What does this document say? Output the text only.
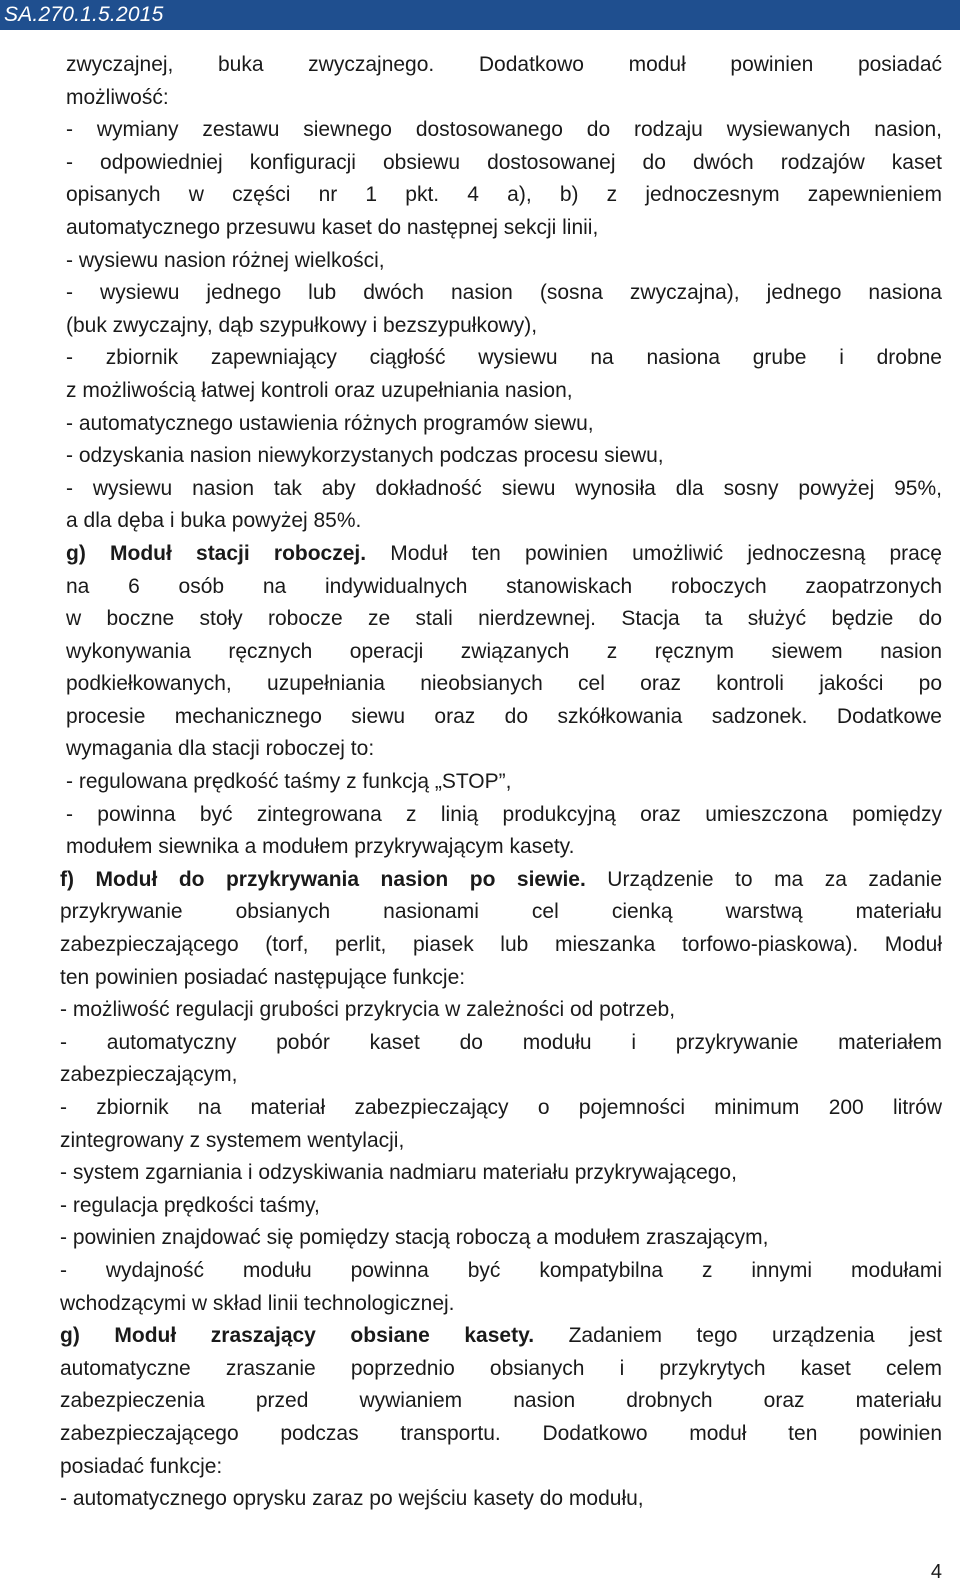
SA.270.1.5.2015
zwyczajnej, buka zwyczajnego. Dodatkowo moduł powinien posiadać
możliwość:
- wymiany zestawu siewnego dostosowanego do rodzaju wysiewanych nasion,
- odpowiedniej konfiguracji obsiewu dostosowanej do dwóch rodzajów kaset
opisanych w części nr 1 pkt. 4 a), b) z jednoczesnym zapewnieniem
automatycznego przesuwu kaset do następnej sekcji linii,
- wysiewu nasion różnej wielkości,
- wysiewu jednego lub dwóch nasion (sosna zwyczajna), jednego nasiona
(buk zwyczajny, dąb szypułkowy i bezszypułkowy),
- zbiornik zapewniający ciągłość wysiewu na nasiona grube i drobne
z możliwością łatwej kontroli oraz uzupełniania nasion,
- automatycznego ustawienia różnych programów siewu,
- odzyskania nasion niewykorzystanych podczas procesu siewu,
- wysiewu nasion tak aby dokładność siewu wynosiła dla sosny powyżej 95%,
a dla dęba i buka powyżej 85%.
g) Moduł stacji roboczej. Moduł ten powinien umożliwić jednoczesną pracę
na 6 osób na indywidualnych stanowiskach roboczych zaopatrzonych
w boczne stoły robocze ze stali nierdzewnej. Stacja ta służyć będzie do
wykonywania ręcznych operacji związanych z ręcznym siewem nasion
podkiełkowanych, uzupełniania nieobsianych cel oraz kontroli jakości po
procesie mechanicznego siewu oraz do szkółkowania sadzonek. Dodatkowe
wymagania dla stacji roboczej to:
- regulowana prędkość taśmy z funkcją „STOP”,
- powinna być zintegrowana z linią produkcyjną oraz umieszczona pomiędzy
modułem siewnika a modułem przykrywającym kasety.
f) Moduł do przykrywania nasion po siewie. Urządzenie to ma za zadanie
przykrywanie obsianych nasionami cel cienką warstwą materiału
zabezpieczającego (torf, perlit, piasek lub mieszanka torfowo-piaskowa). Moduł
ten powinien posiadać następujące funkcje:
- możliwość regulacji grubości przykrycia w zależności od potrzeb,
- automatyczny pobór kaset do modułu i przykrywanie materiałem
zabezpieczającym,
- zbiornik na materiał zabezpieczający o pojemności minimum 200 litrów
zintegrowany z systemem wentylacji,
- system zgarniania i odzyskiwania nadmiaru materiału przykrywającego,
- regulacja prędkości taśmy,
- powinien znajdować się pomiędzy stacją roboczą a modułem zraszającym,
- wydajność modułu powinna być kompatybilna z innymi modułami
wchodzącymi w skład linii technologicznej.
g) Moduł zraszający obsiane kasety. Zadaniem tego urządzenia jest
automatyczne zraszanie poprzednio obsianych i przykrytych kaset celem
zabezpieczenia przed wywianiem nasion drobnych oraz materiału
zabezpieczającego podczas transportu. Dodatkowo moduł ten powinien
posiadać funkcje:
- automatycznego oprysku zaraz po wejściu kasety do modułu,
4
